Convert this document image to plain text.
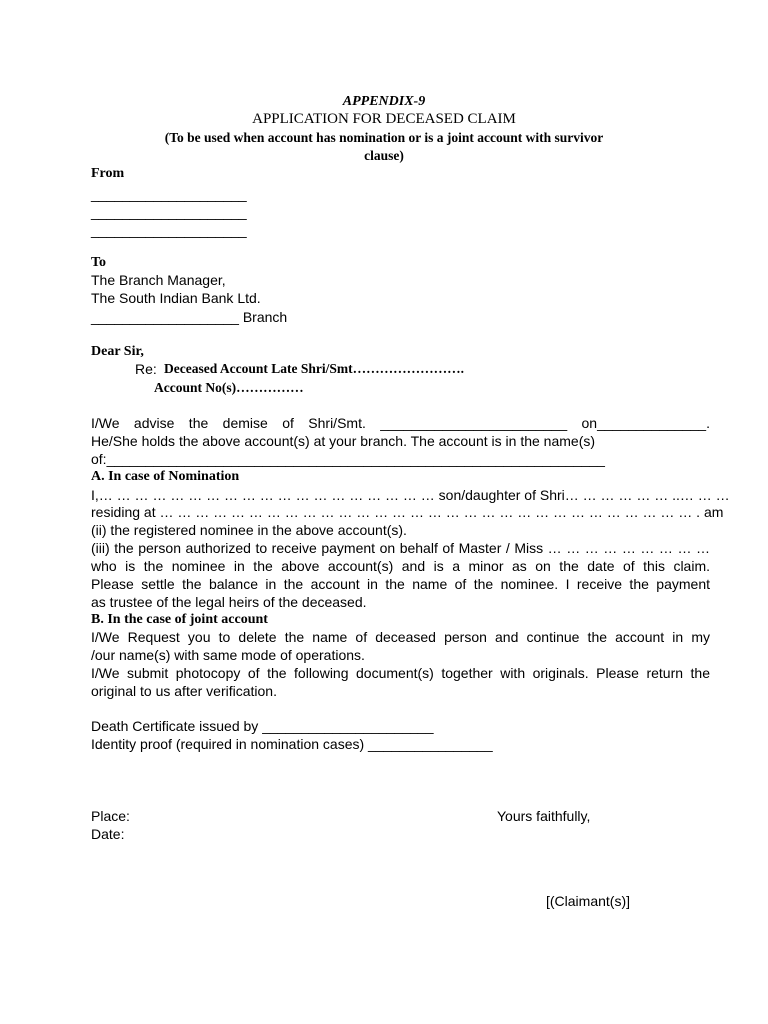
APPENDIX-9
APPLICATION FOR DECEASED CLAIM
(To be used when account has nomination or is a joint account with survivor
clause)
From
____________________
____________________
____________________
To
The Branch Manager,
The South Indian Bank Ltd.
___________________ Branch
Dear Sir,
Re: Deceased Account Late Shri/Smt…………………….
Account No(s)……………
I/We advise the demise of Shri/Smt. ________________________ on______________.
He/She holds the above account(s) at your branch. The account is in the name(s)
of:________________________________________________________________
A. In case of Nomination
I,… … … … … … … … … … … … … … … … … … … son/daughter of Shri… … … … … … ..… … …
residing at … … … … … … … … … … … … … … … … … … … … … … … … … … … … … … . am
(ii) the registered nominee in the above account(s).
(iii) the person authorized to receive payment on behalf of Master / Miss … … … … … … … … …
who is the nominee in the above account(s) and is a minor as on the date of this claim.
Please settle the balance in the account in the name of the nominee. I receive the payment
as trustee of the legal heirs of the deceased.
B. In the case of joint account
I/We Request you to delete the name of deceased person and continue the account in my
/our name(s) with same mode of operations.
I/We submit photocopy of the following document(s) together with originals. Please return the
original to us after verification.
Death Certificate issued by ______________________
Identity proof (required in nomination cases) ________________
Place:
Date:
Yours faithfully,
[(Claimant(s)]
